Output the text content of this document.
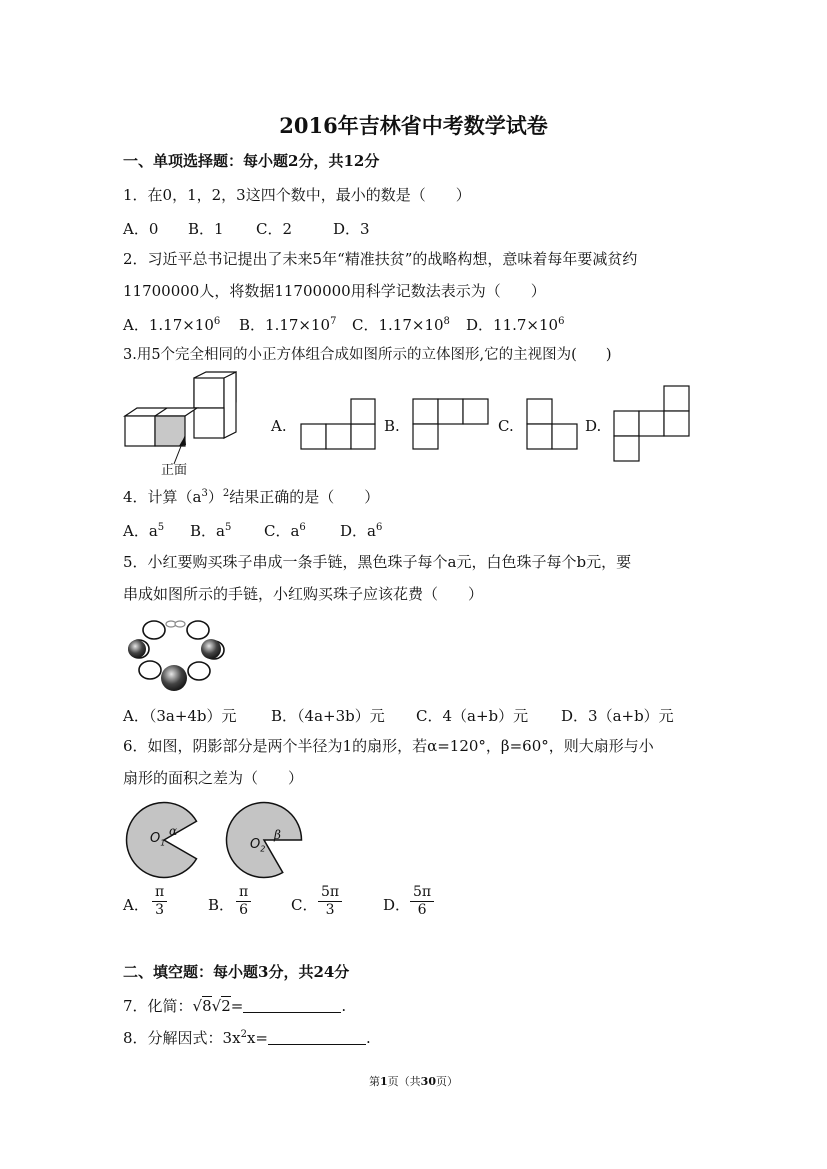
2016年吉林省中考数学试卷
一、单项选择题：每小题2分，共12分
1．在0，1，2，3这四个数中，最小的数是（　　）
A．0 B．1 C．2	D．3
2．习近平总书记提出了未来5年“精准扶贫”的战略构想，意味着每年要减贫约
11700000人，将数据11700000用科学记数法表示为（　　）
A．$1.17\times 10^6$ B．$1.17\times 10^7$ C．$1.17\times 10^8$ D．$11.7\times 10^6$
3.用5个完全相同的小正方体组合成如图所示的立体图形,它的主视图为(　　)
正面
A.	B.	C.	D.
4．计算$(a^3)^2$结果正确的是（　　）
A．$a^5$ B．$a^5$ C．$a^6$ D．$a^6$
5．小红要购买珠子串成一条手链，黑色珠子每个a元，白色珠子每个b元，要
串成如图所示的手链，小红购买珠子应该花费（　　）
A．（3a+4b）元 B．（4a+3b）元 C．4（a+b）元 D．3（a+b）元
6．如图，阴影部分是两个半径为1的扇形，若α=120°，β=60°，则大扇形与小
扇形的面积之差为（　　）
$O_1$
α
$O_2$
β
A． $\frac{\pi}{3}$	B． $\frac{\pi}{6}$	C． $\frac{5\pi}{3}$	D． $\frac{5\pi}{6}$
二、填空题：每小题3分，共24分
7．化简：√8√2=	.
8．分解因式：$3x^2x=$	.
第1页（共30页）
